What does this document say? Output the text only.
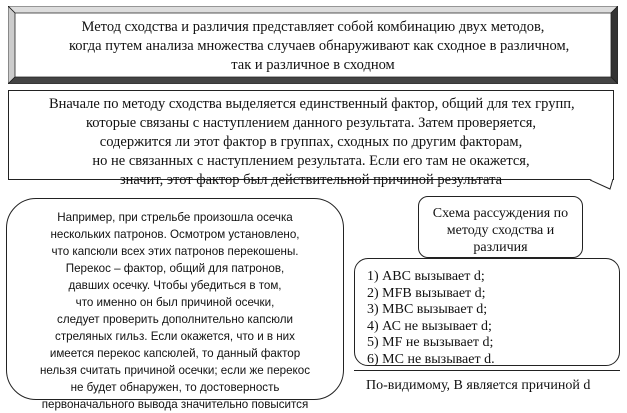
Метод сходства и различия представляет собой комбинацию двух методов,
когда путем анализа множества случаев обнаруживают как сходное в различном,
так и различное в сходном
Вначале по методу сходства выделяется единственный фактор, общий для тех групп,
которые связаны с наступлением данного результата. Затем проверяется,
содержится ли этот фактор в группах, сходных по другим факторам,
но не связанных с наступлением результата. Если его там не окажется,
значит, этот фактор был действительной причиной результата
Например, при стрельбе произошла осечка
нескольких патронов. Осмотром установлено,
что капсюли всех этих патронов перекошены.
Перекос – фактор, общий для патронов,
давших осечку. Чтобы убедиться в том,
что именно он был причиной осечки,
следует проверить дополнительно капсюли
стреляных гильз. Если окажется, что и в них
имеется перекос капсюлей, то данный фактор
нельзя считать причиной осечки; если же перекос
не будет обнаружен, то достоверность
первоначального вывода значительно повысится
Схема рассуждения по
методу сходства и
различия
1) АВС вызывает d;
2) MFB вызывает d;
3) МВС вызывает d;
4) АС не вызывает d;
5) MF не вызывает d;
6) МС не вызывает d.
По-видимому, В является причиной d
